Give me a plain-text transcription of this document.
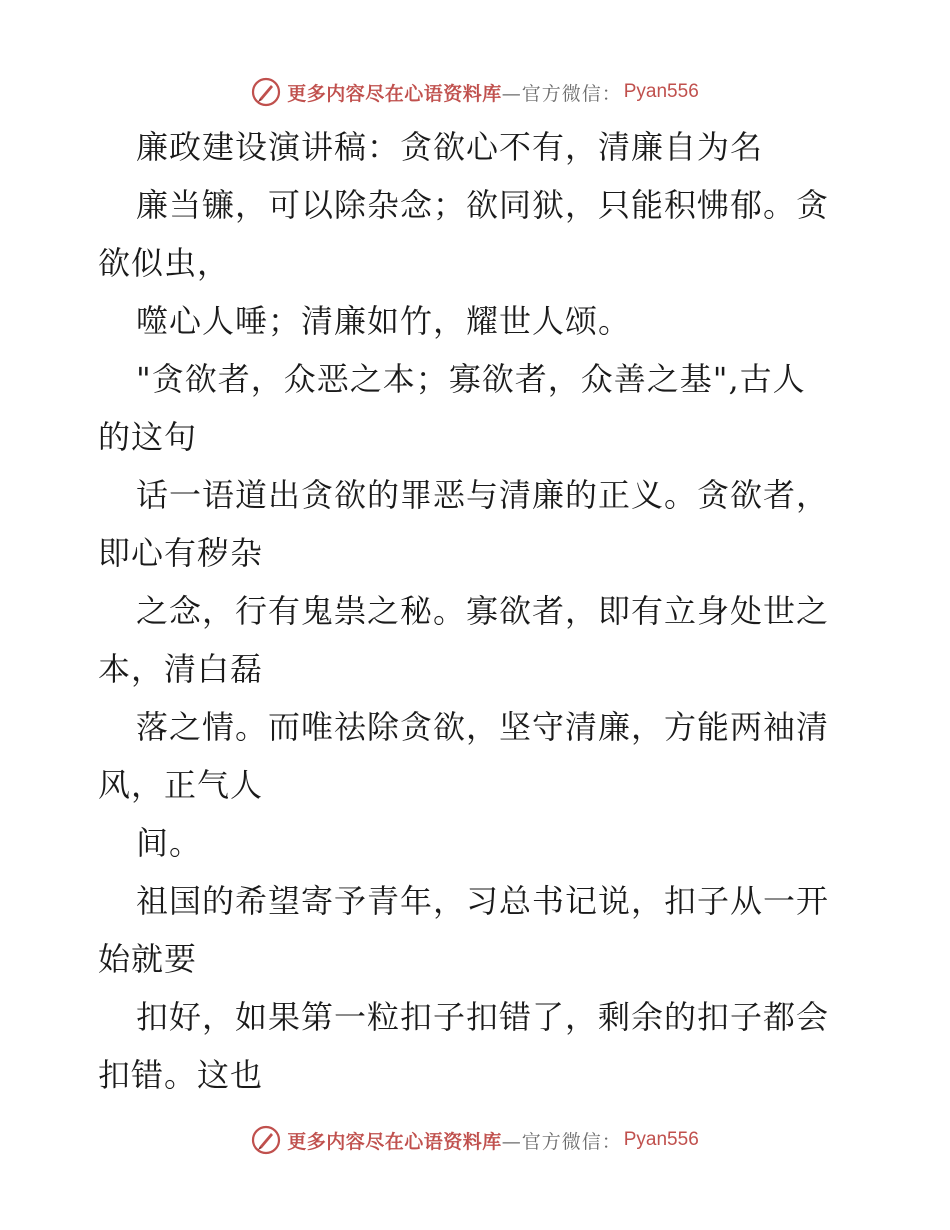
更多内容尽在心语资料库 —官方微信： Pyan556

廉政建设演讲稿：贪欲心不有，清廉自为名

廉当镰，可以除杂念；欲同狱，只能积怫郁。贪

欲似虫，

噬心人唾；清廉如竹，耀世人颂。

"贪欲者，众恶之本；寡欲者，众善之基",古人

的这句

话一语道出贪欲的罪恶与清廉的正义。贪欲者，

即心有秽杂

之念，行有鬼祟之秘。寡欲者，即有立身处世之

本，清白磊

落之情。而唯祛除贪欲，坚守清廉，方能两袖清

风，正气人

间。

祖国的希望寄予青年，习总书记说，扣子从一开

始就要

扣好，如果第一粒扣子扣错了，剩余的扣子都会

扣错。这也

更多内容尽在心语资料库 —官方微信： Pyan556
